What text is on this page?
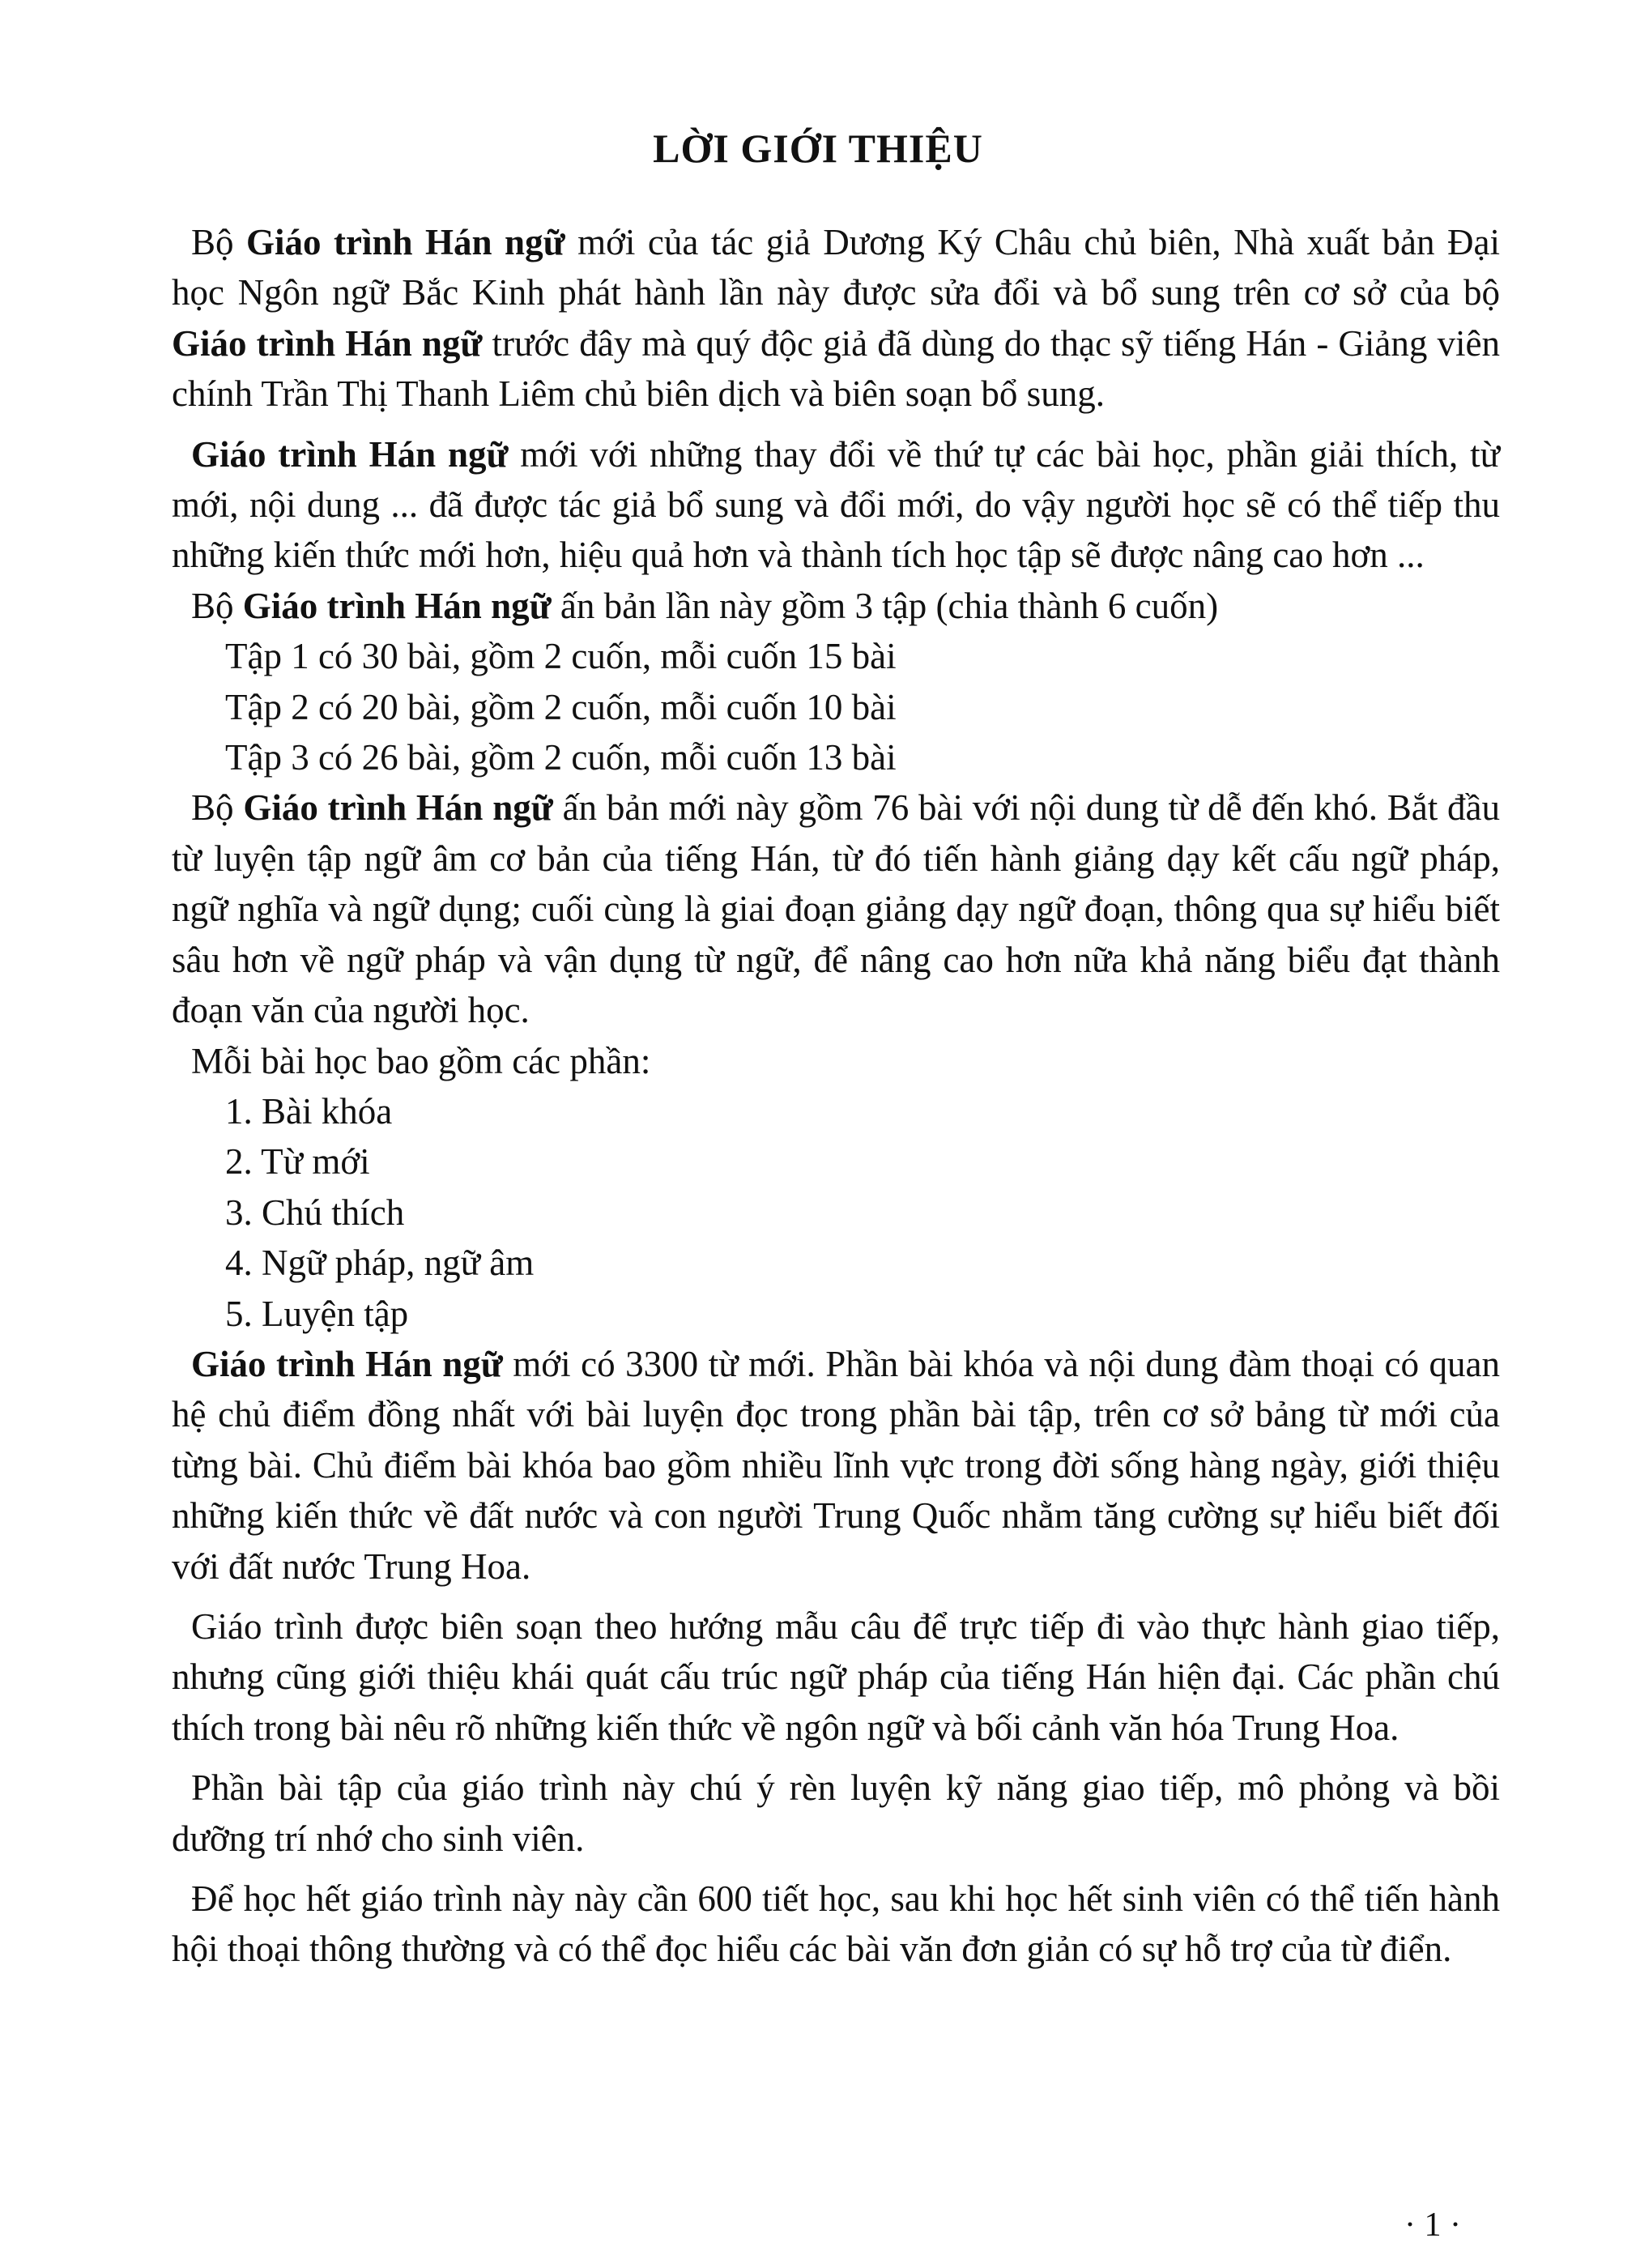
LỜI GIỚI THIỆU

Bộ Giáo trình Hán ngữ mới của tác giả Dương Ký Châu chủ biên, Nhà xuất bản Đại học Ngôn ngữ Bắc Kinh phát hành lần này được sửa đổi và bổ sung trên cơ sở của bộ Giáo trình Hán ngữ trước đây mà quý độc giả đã dùng do thạc sỹ tiếng Hán - Giảng viên chính Trần Thị Thanh Liêm chủ biên dịch và biên soạn bổ sung.

Giáo trình Hán ngữ mới với những thay đổi về thứ tự các bài học, phần giải thích, từ mới, nội dung ... đã được tác giả bổ sung và đổi mới, do vậy người học sẽ có thể tiếp thu những kiến thức mới hơn, hiệu quả hơn và thành tích học tập sẽ được nâng cao hơn ...

Bộ Giáo trình Hán ngữ ấn bản lần này gồm 3 tập (chia thành 6 cuốn)

Tập 1 có 30 bài, gồm 2 cuốn, mỗi cuốn 15 bài

Tập 2 có 20 bài, gồm 2 cuốn, mỗi cuốn 10 bài

Tập 3 có 26 bài, gồm 2 cuốn, mỗi cuốn 13 bài

Bộ Giáo trình Hán ngữ ấn bản mới này gồm 76 bài với nội dung từ dễ đến khó. Bắt đầu từ luyện tập ngữ âm cơ bản của tiếng Hán, từ đó tiến hành giảng dạy kết cấu ngữ pháp, ngữ nghĩa và ngữ dụng; cuối cùng là giai đoạn giảng dạy ngữ đoạn, thông qua sự hiểu biết sâu hơn về ngữ pháp và vận dụng từ ngữ, để nâng cao hơn nữa khả năng biểu đạt thành đoạn văn của người học.

Mỗi bài học bao gồm các phần:

1. Bài khóa

2. Từ mới

3. Chú thích

4. Ngữ pháp, ngữ âm

5. Luyện tập

Giáo trình Hán ngữ mới có 3300 từ mới. Phần bài khóa và nội dung đàm thoại có quan hệ chủ điểm đồng nhất với bài luyện đọc trong phần bài tập, trên cơ sở bảng từ mới của từng bài. Chủ điểm bài khóa bao gồm nhiều lĩnh vực trong đời sống hàng ngày, giới thiệu những kiến thức về đất nước và con người Trung Quốc nhằm tăng cường sự hiểu biết đối với đất nước Trung Hoa.

Giáo trình được biên soạn theo hướng mẫu câu để trực tiếp đi vào thực hành giao tiếp, nhưng cũng giới thiệu khái quát cấu trúc ngữ pháp của tiếng Hán hiện đại. Các phần chú thích trong bài nêu rõ những kiến thức về ngôn ngữ và bối cảnh văn hóa Trung Hoa.

Phần bài tập của giáo trình này chú ý rèn luyện kỹ năng giao tiếp, mô phỏng và bồi dưỡng trí nhớ cho sinh viên.

Để học hết giáo trình này này cần 600 tiết học, sau khi học hết sinh viên có thể tiến hành hội thoại thông thường và có thể đọc hiểu các bài văn đơn giản có sự hỗ trợ của từ điển.

· 1 ·
